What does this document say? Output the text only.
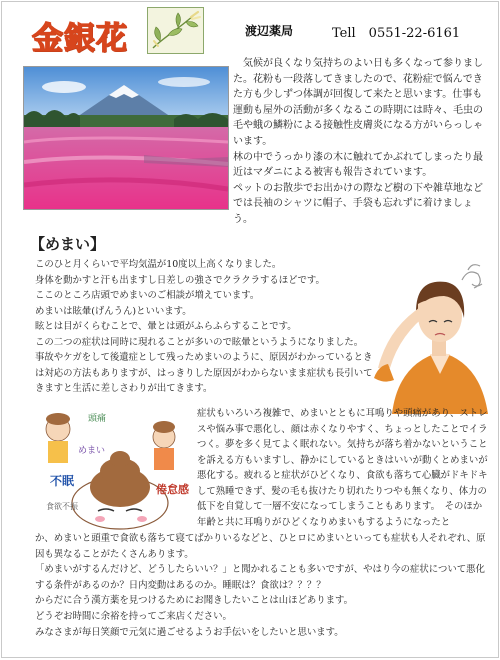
金銀花	渡辺薬局	Tell　0551-22-6161

気候が良くなり気持ちのよい日も多くなって参りました。花粉も一段落してきましたので、花粉症で悩んできた方も少しずつ体調が回復して来たと思います。仕事も運動も屋外の活動が多くなるこの時期には時々、毛虫の毛や蛾の鱗粉による接触性皮膚炎になる方がいらっしゃいます。

林の中でうっかり漆の木に触れてかぶれてしまったり最近はマダニによる被害も報告されています。

ペットのお散歩でお出かけの際など樹の下や雑草地などでは長袖のシャツに帽子、手袋も忘れずに着けましょう。

【めまい】

このひと月くらいで平均気温が10度以上高くなりました。

身体を動かすと汗も出ますし日差しの強さでクラクラするほどです。

ここのところ店頭でめまいのご相談が増えています。

めまいは眩暈(げんうん)といいます。

眩とは目がくらむことで、暈とは頭がふらふらすることです。

この二つの症状は同時に現れることが多いので眩暈というようになりました。

事故やケガをして後遺症として残っためまいのように、原因がわかっているときは対応の方法もありますが、はっきりした原因がわからないまま症状も長引いてきますと生活に差しさわりが出てきます。

頭痛
不眠
食欲不振
倦怠感
めまい

症状もいろいろ複雑で、めまいとともに耳鳴りや頭痛があり、ストレスや悩み事で悪化し、顔は赤くなりやすく、ちょっとしたことでイラつく。夢を多く見てよく眠れない。気持ちが落ち着かないということを訴える方もいますし、静かにしているときはいいが動くとめまいが悪化する。疲れると症状がひどくなり、食欲も落ちて心臓がドキドキして熟睡できず、髪の毛も抜けたり切れたりつやも無くなり、体力の低下を自覚して一層不安になってしまうこともあります。　そのほか年齢と共に耳鳴りがひどくなりめまいもするようになったと

か、めまいと頭重で食欲も落ちて寝てばかりいるなどと、ひとロにめまいといっても症状も人それぞれ、原因も異なることがたくさんあります。

「めまいがするんだけど、どうしたらいい？」と聞かれることも多いですが、やはり今の症状について悪化する条件があるのか？日内変動はあるのか。睡眠は？食欲は？？？？

からだに合う漢方薬を見つけるためにお聞きしたいことは山ほどあります。

どうぞお時間に余裕を持ってご来店ください。

みなさまが毎日笑顔で元気に過ごせるようお手伝いをしたいと思います。
